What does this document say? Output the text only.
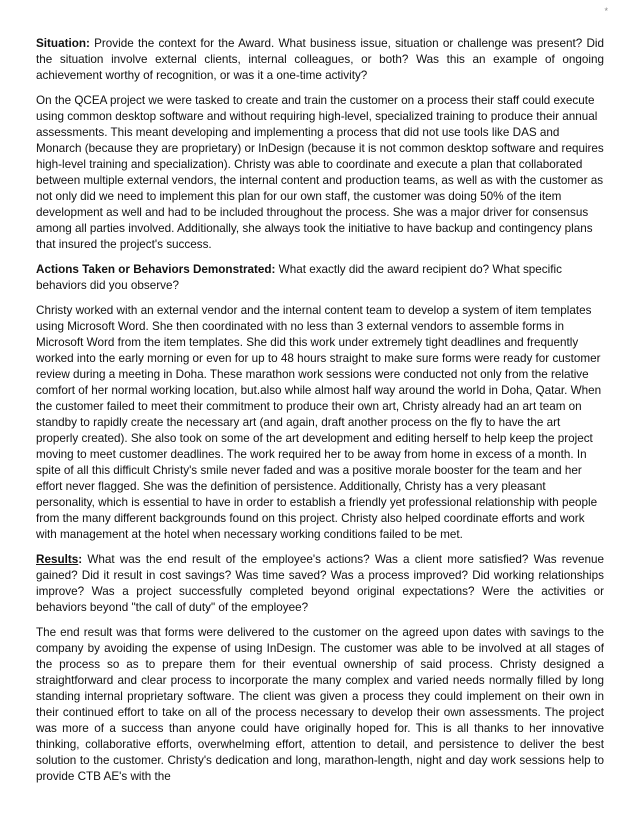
*

Situation: Provide the context for the Award. What business issue, situation or challenge was present? Did the situation involve external clients, internal colleagues, or both? Was this an example of ongoing achievement worthy of recognition, or was it a one-time activity?

On the QCEA project we were tasked to create and train the customer on a process their staff could execute using common desktop software and without requiring high-level, specialized training to produce their annual assessments. This meant developing and implementing a process that did not use tools like DAS and Monarch (because they are proprietary) or InDesign (because it is not common desktop software and requires high-level training and specialization). Christy was able to coordinate and execute a plan that collaborated between multiple external vendors, the internal content and production teams, as well as with the customer as not only did we need to implement this plan for our own staff, the customer was doing 50% of the item development as well and had to be included throughout the process. She was a major driver for consensus among all parties involved. Additionally, she always took the initiative to have backup and contingency plans that insured the project's success.

Actions Taken or Behaviors Demonstrated: What exactly did the award recipient do? What specific behaviors did you observe?

Christy worked with an external vendor and the internal content team to develop a system of item templates using Microsoft Word. She then coordinated with no less than 3 external vendors to assemble forms in Microsoft Word from the item templates. She did this work under extremely tight deadlines and frequently worked into the early morning or even for up to 48 hours straight to make sure forms were ready for customer review during a meeting in Doha. These marathon work sessions were conducted not only from the relative comfort of her normal working location, but.also while almost half way around the world in Doha, Qatar. When the customer failed to meet their commitment to produce their own art, Christy already had an art team on standby to rapidly create the necessary art (and again, draft another process on the fly to have the art properly created). She also took on some of the art development and editing herself to help keep the project moving to meet customer deadlines. The work required her to be away from home in excess of a month. In spite of all this difficult Christy's smile never faded and was a positive morale booster for the team and her effort never flagged. She was the definition of persistence. Additionally, Christy has a very pleasant personality, which is essential to have in order to establish a friendly yet professional relationship with people from the many different backgrounds found on this project. Christy also helped coordinate efforts and work with management at the hotel when necessary working conditions failed to be met.

Results: What was the end result of the employee's actions? Was a client more satisfied? Was revenue gained? Did it result in cost savings? Was time saved? Was a process improved? Did working relationships improve? Was a project successfully completed beyond original expectations? Were the activities or behaviors beyond "the call of duty" of the employee?

The end result was that forms were delivered to the customer on the agreed upon dates with savings to the company by avoiding the expense of using InDesign. The customer was able to be involved at all stages of the process so as to prepare them for their eventual ownership of said process. Christy designed a straightforward and clear process to incorporate the many complex and varied needs normally filled by long standing internal proprietary software. The client was given a process they could implement on their own in their continued effort to take on all of the process necessary to develop their own assessments. The project was more of a success than anyone could have originally hoped for. This is all thanks to her innovative thinking, collaborative efforts, overwhelming effort, attention to detail, and persistence to deliver the best solution to the customer. Christy's dedication and long, marathon-length, night and day work sessions help to provide CTB AE's with the
